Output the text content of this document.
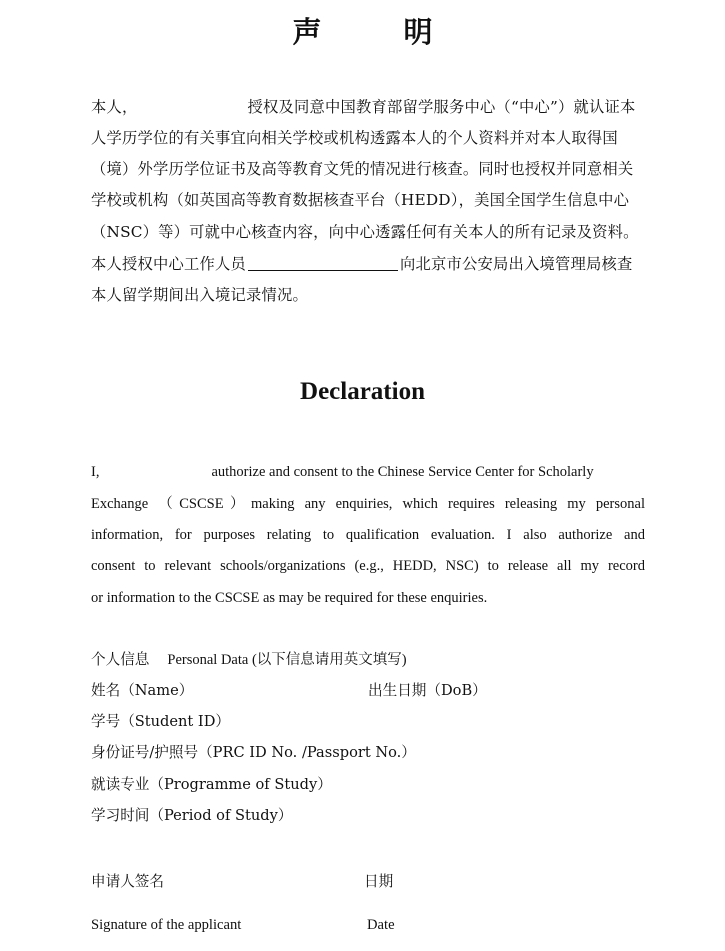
声 明
本人，	授权及同意中国教育部留学服务中心（“中心”）就认证本
人学历学位的有关事宜向相关学校或机构透露本人的个人资料并对本人取得国
（境）外学历学位证书及高等教育文凭的情况进行核查。同时也授权并同意相关
学校或机构（如英国高等教育数据核查平台（HEDD），美国全国学生信息中心
（NSC）等）可就中心核查内容，向中心透露任何有关本人的所有记录及资料。
本人授权中心工作人员	向北京市公安局出入境管理局核查
本人留学期间出入境记录情况。
Declaration
I,	authorize and consent to the Chinese Service Center for Scholarly
Exchange （CSCSE）making any enquiries, which requires releasing my personal
information, for purposes relating to qualification evaluation. I also authorize and
consent to relevant schools/organizations (e.g., HEDD, NSC) to release all my record
or information to the CSCSE as may be required for these enquiries.
个人信息 Personal Data (以下信息请用英文填写)
姓名（Name）	出生日期（DoB）
学号（Student ID）
身份证号/护照号（PRC ID No. /Passport No.）
就读专业（Programme of Study）
学习时间（Period of Study）
申请人签名	日期
Signature of the applicant	Date
